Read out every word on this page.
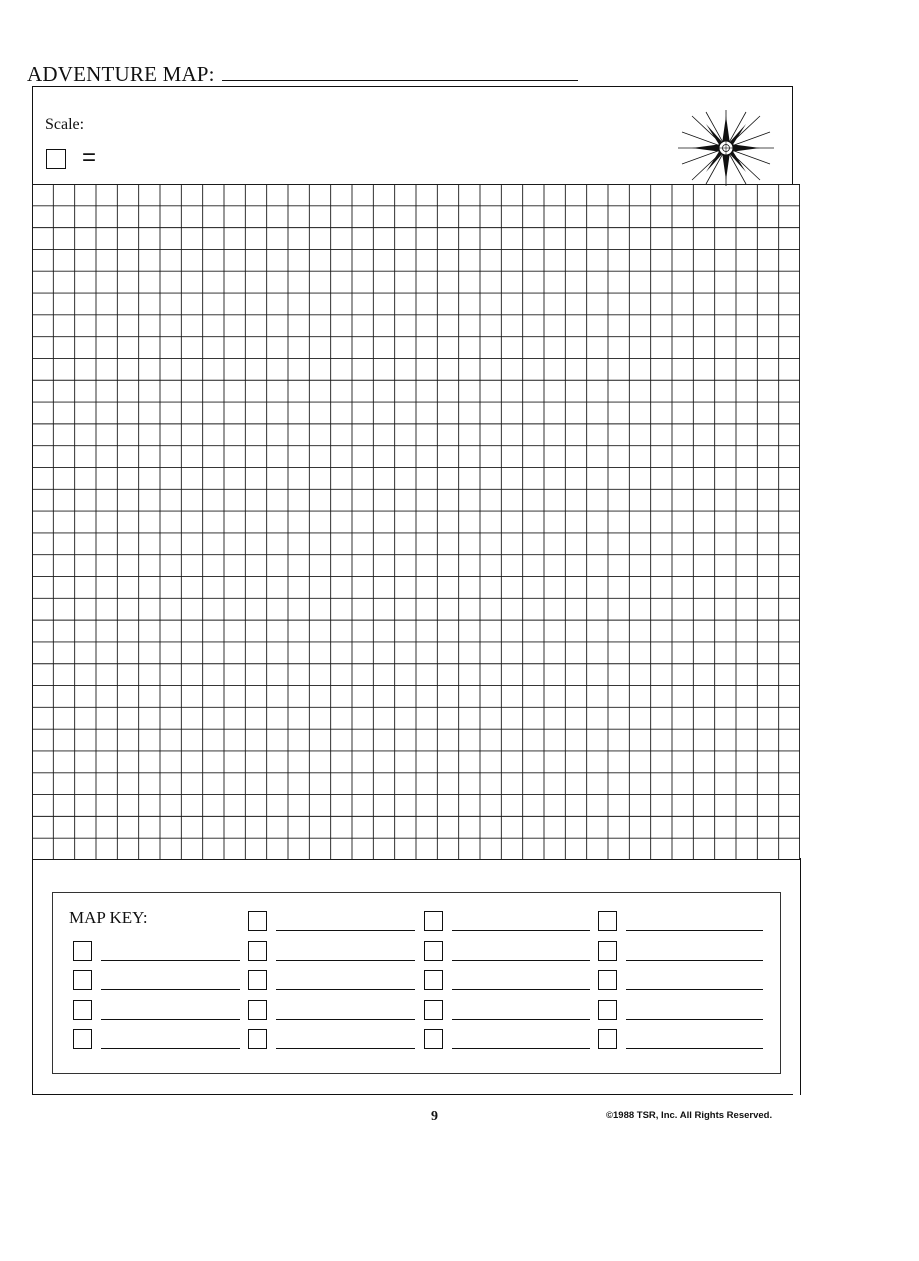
ADVENTURE MAP:
Scale:
=
MAP KEY:
9	©1988 TSR, Inc. All Rights Reserved.
